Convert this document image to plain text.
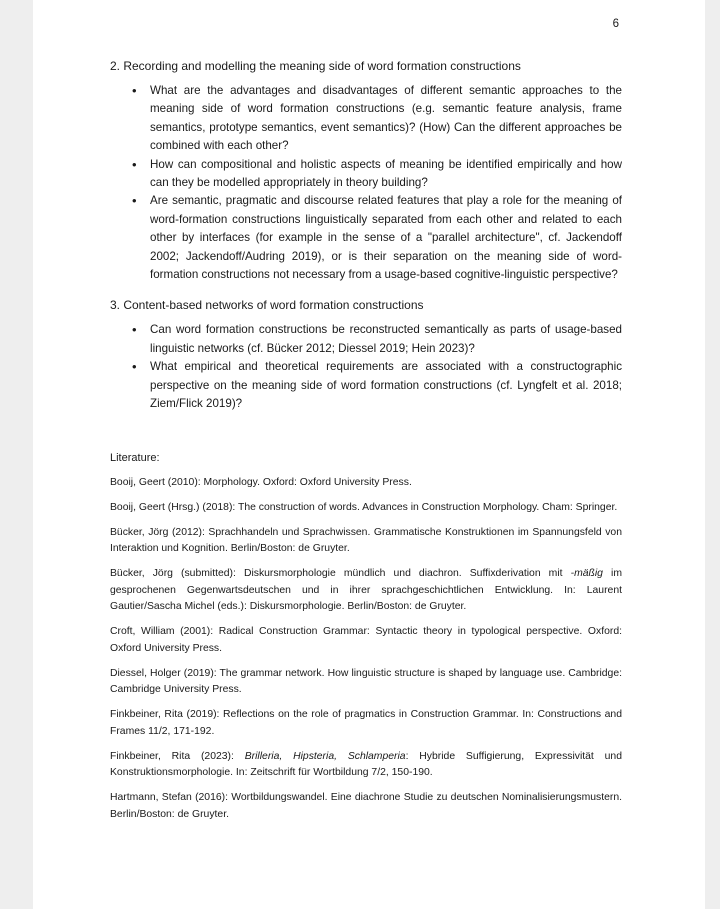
6

2. Recording and modelling the meaning side of word formation constructions

• What are the advantages and disadvantages of different semantic approaches to the meaning side of word formation constructions (e.g. semantic feature analysis, frame semantics, prototype semantics, event semantics)? (How) Can the different approaches be combined with each other?
• How can compositional and holistic aspects of meaning be identified empirically and how can they be modelled appropriately in theory building?
• Are semantic, pragmatic and discourse related features that play a role for the meaning of word-formation constructions linguistically separated from each other and related to each other by interfaces (for example in the sense of a "parallel architecture", cf. Jackendoff 2002; Jackendoff/Audring 2019), or is their separation on the meaning side of word-formation constructions not necessary from a usage-based cognitive-linguistic perspective?

3. Content-based networks of word formation constructions

• Can word formation constructions be reconstructed semantically as parts of usage-based linguistic networks (cf. Bücker 2012; Diessel 2019; Hein 2023)?
• What empirical and theoretical requirements are associated with a constructographic perspective on the meaning side of word formation constructions (cf. Lyngfelt et al. 2018; Ziem/Flick 2019)?

Literature:

Booij, Geert (2010): Morphology. Oxford: Oxford University Press.

Booij, Geert (Hrsg.) (2018): The construction of words. Advances in Construction Morphology. Cham: Springer.

Bücker, Jörg (2012): Sprachhandeln und Sprachwissen. Grammatische Konstruktionen im Spannungsfeld von Interaktion und Kognition. Berlin/Boston: de Gruyter.

Bücker, Jörg (submitted): Diskursmorphologie mündlich und diachron. Suffixderivation mit -mäßig im gesprochenen Gegenwartsdeutschen und in ihrer sprachgeschichtlichen Entwicklung. In: Laurent Gautier/Sascha Michel (eds.): Diskursmorphologie. Berlin/Boston: de Gruyter.

Croft, William (2001): Radical Construction Grammar: Syntactic theory in typological perspective. Oxford: Oxford University Press.

Diessel, Holger (2019): The grammar network. How linguistic structure is shaped by language use. Cambridge: Cambridge University Press.

Finkbeiner, Rita (2019): Reflections on the role of pragmatics in Construction Grammar. In: Constructions and Frames 11/2, 171-192.

Finkbeiner, Rita (2023): Brilleria, Hipsteria, Schlamperia: Hybride Suffigierung, Expressivität und Konstruktionsmorphologie. In: Zeitschrift für Wortbildung 7/2, 150-190.

Hartmann, Stefan (2016): Wortbildungswandel. Eine diachrone Studie zu deutschen Nominalisierungsmustern. Berlin/Boston: de Gruyter.
